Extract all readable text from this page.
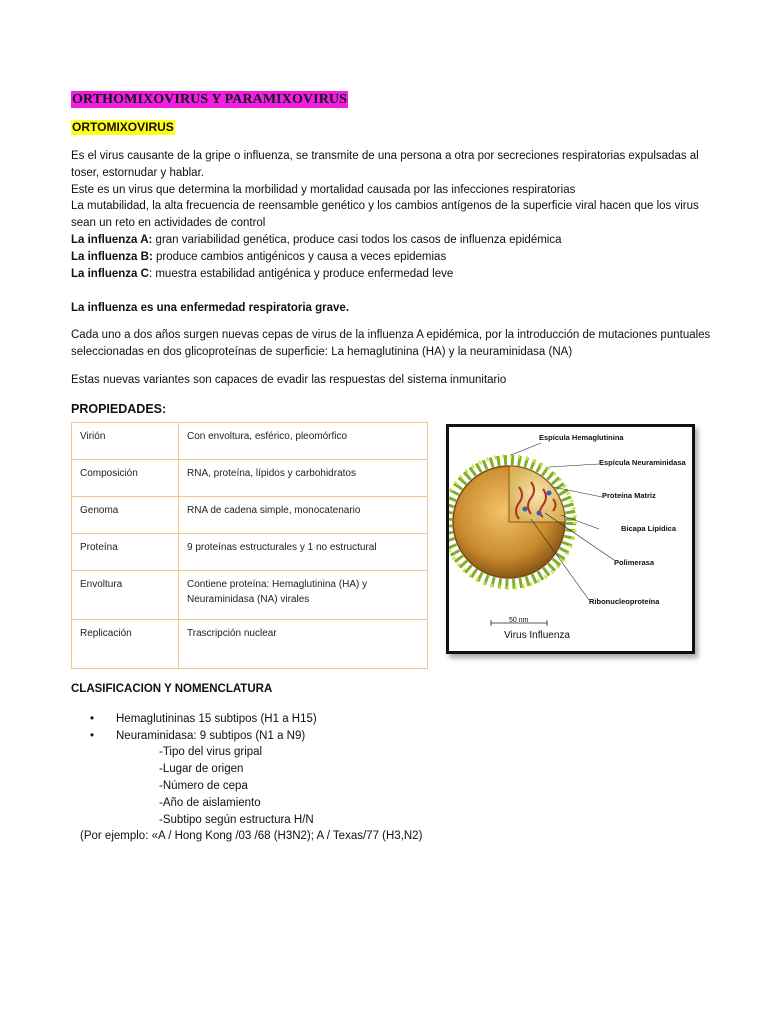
ORTHOMIXOVIRUS Y PARAMIXOVIRUS
ORTOMIXOVIRUS

Es el virus causante de la gripe o influenza, se transmite de una persona a otra por secreciones respiratorias expulsadas al toser, estornudar y hablar.

Este es un virus que determina la morbilidad y mortalidad causada por las infecciones respiratorias

La mutabilidad, la alta frecuencia de reensamble genético y los cambios antígenos de la superficie viral hacen que los virus sean un reto en actividades de control

La influenza A: gran variabilidad genética, produce casi todos los casos de influenza epidémica

La influenza B: produce cambios antigénicos y causa a veces epidemias

La influenza C: muestra estabilidad antigénica y produce enfermedad leve

La influenza es una enfermedad respiratoria grave.
Cada uno a dos años surgen nuevas cepas de virus de la influenza A epidémica, por la introducción de mutaciones puntuales seleccionadas en dos glicoproteínas de superficie: La hemaglutinina (HA) y la neuraminidasa (NA)
Estas nuevas variantes son capaces de evadir las respuestas del sistema inmunitario
PROPIEDADES:
Virión	Con envoltura, esférico, pleomórfico
Composición	RNA, proteína, lípidos y carbohidratos
Genoma	RNA de cadena simple, monocatenario
Proteína	9 proteínas estructurales y 1 no estructural
Envoltura	Contiene proteína: Hemaglutinina (HA) y Neuraminidasa (NA) virales
Replicación	Trascripción nuclear
Espícula Hemaglutinina
Espícula Neuraminidasa
Proteína Matriz
Bicapa Lipídica
Polimerasa
Ribonucleoproteína
50 nm
Virus Influenza
CLASIFICACION Y NOMENCLATURA
• Hemaglutininas 15 subtipos (H1 a H15)
• Neuraminidasa: 9 subtipos (N1 a N9)
-Tipo del virus gripal
-Lugar de origen
-Número de cepa
-Año de aislamiento
-Subtipo según estructura H/N
(Por ejemplo: «A / Hong Kong /03 /68 (H3N2); A / Texas/77 (H3,N2)
